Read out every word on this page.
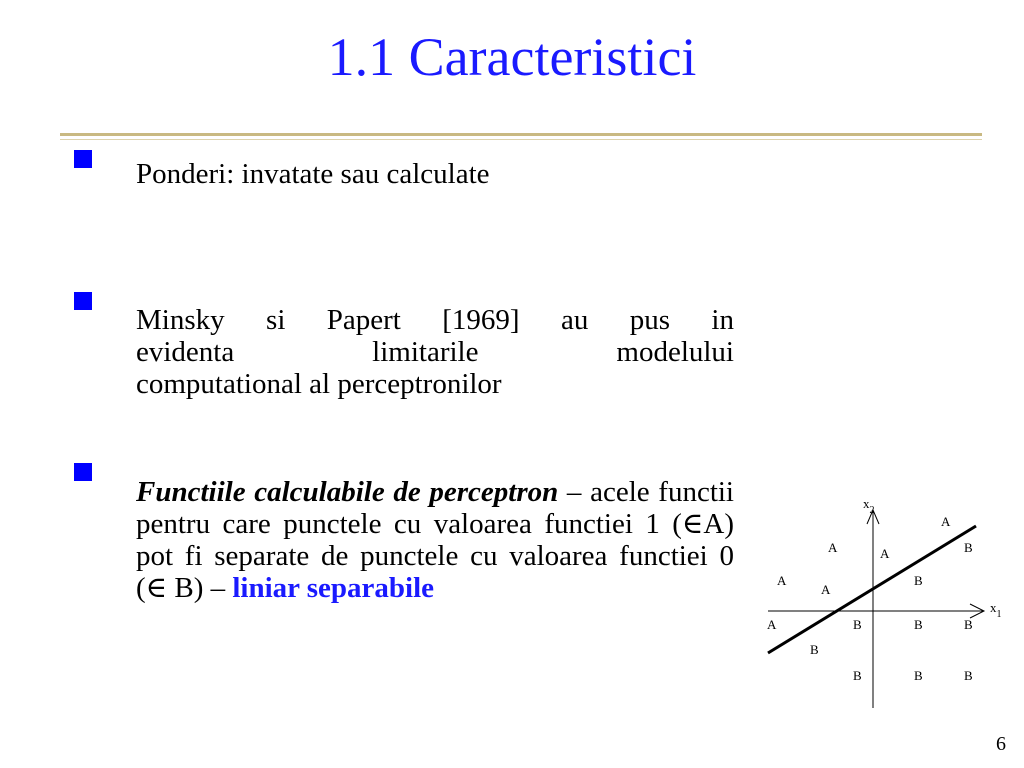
1.1 Caracteristici
Ponderi: invatate sau calculate
Minsky si Papert [1969] au pus in
evidenta limitarile modelului
computational al perceptronilor
Functiile calculabile de perceptron – acele functii pentru care punctele cu valoarea functiei 1 (∈A) pot fi separate de punctele cu valoarea functiei 0 (∈ B) – liniar separabile
$x_1$
$x_2$
A
A	A
A
A
A
B
B
B	B
B
B	B	B
B
6
